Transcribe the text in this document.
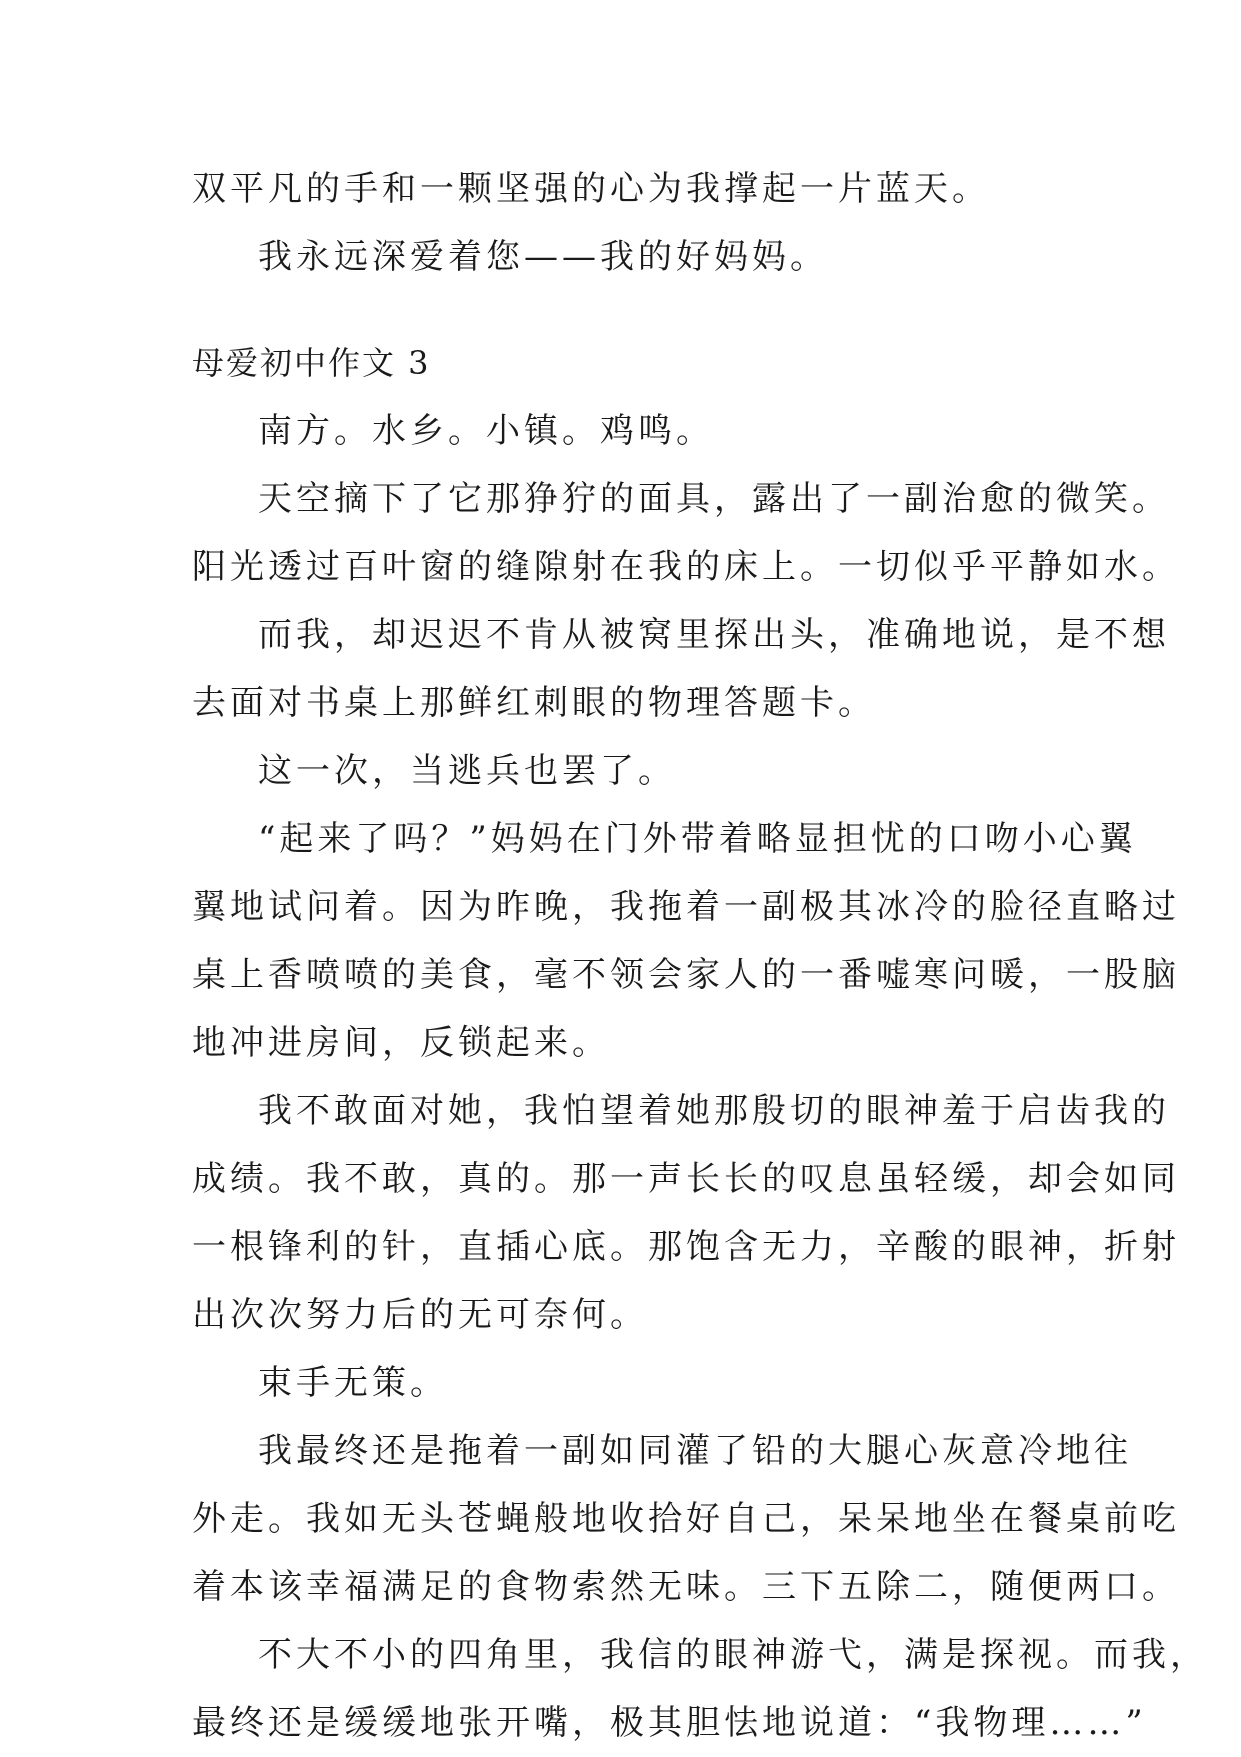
双平凡的手和一颗坚强的心为我撑起一片蓝天。

我永远深爱着您——我的好妈妈。

母爱初中作文 3

南方。水乡。小镇。鸡鸣。

天空摘下了它那狰狞的面具，露出了一副治愈的微笑。

阳光透过百叶窗的缝隙射在我的床上。一切似乎平静如水。

而我，却迟迟不肯从被窝里探出头，准确地说，是不想

去面对书桌上那鲜红刺眼的物理答题卡。

这一次，当逃兵也罢了。

“起来了吗？”妈妈在门外带着略显担忧的口吻小心翼

翼地试问着。因为昨晚，我拖着一副极其冰冷的脸径直略过

桌上香喷喷的美食，毫不领会家人的一番嘘寒问暖，一股脑

地冲进房间，反锁起来。

我不敢面对她，我怕望着她那殷切的眼神羞于启齿我的

成绩。我不敢，真的。那一声长长的叹息虽轻缓，却会如同

一根锋利的针，直插心底。那饱含无力，辛酸的眼神，折射

出次次努力后的无可奈何。

束手无策。

我最终还是拖着一副如同灌了铅的大腿心灰意冷地往

外走。我如无头苍蝇般地收拾好自己，呆呆地坐在餐桌前吃

着本该幸福满足的食物索然无味。三下五除二，随便两口。

不大不小的四角里，我信的眼神游弋，满是探视。而我，

最终还是缓缓地张开嘴，极其胆怯地说道：“我物理……”
